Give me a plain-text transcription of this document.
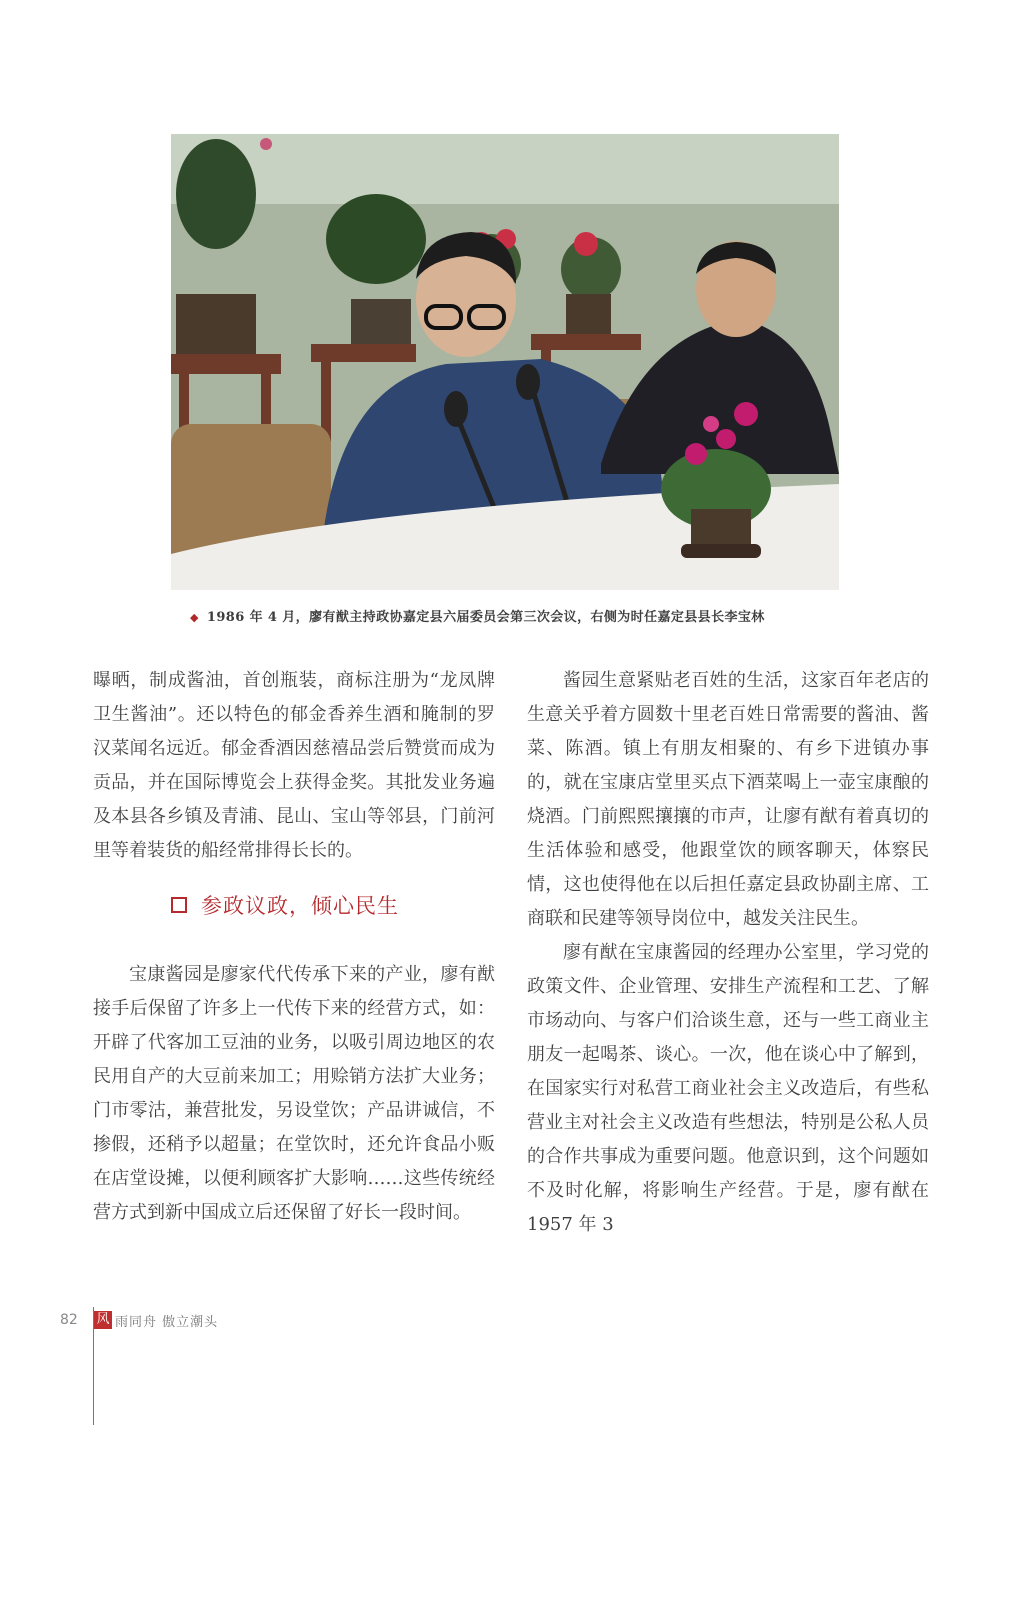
◆ 1986 年 4 月，廖有猷主持政协嘉定县六届委员会第三次会议，右侧为时任嘉定县县长李宝林

曝晒，制成酱油，首创瓶装，商标注册为“龙凤牌卫生酱油”。还以特色的郁金香养生酒和腌制的罗汉菜闻名远近。郁金香酒因慈禧品尝后赞赏而成为贡品，并在国际博览会上获得金奖。其批发业务遍及本县各乡镇及青浦、昆山、宝山等邻县，门前河里等着装货的船经常排得长长的。

参政议政，倾心民生

宝康酱园是廖家代代传承下来的产业，廖有猷接手后保留了许多上一代传下来的经营方式，如：开辟了代客加工豆油的业务，以吸引周边地区的农民用自产的大豆前来加工；用赊销方法扩大业务；门市零沽，兼营批发，另设堂饮；产品讲诚信，不掺假，还稍予以超量；在堂饮时，还允许食品小贩在店堂设摊，以便利顾客扩大影响……这些传统经营方式到新中国成立后还保留了好长一段时间。

酱园生意紧贴老百姓的生活，这家百年老店的生意关乎着方圆数十里老百姓日常需要的酱油、酱菜、陈酒。镇上有朋友相聚的、有乡下进镇办事的，就在宝康店堂里买点下酒菜喝上一壶宝康酿的烧酒。门前熙熙攘攘的市声，让廖有猷有着真切的生活体验和感受，他跟堂饮的顾客聊天，体察民情，这也使得他在以后担任嘉定县政协副主席、工商联和民建等领导岗位中，越发关注民生。

廖有猷在宝康酱园的经理办公室里，学习党的政策文件、企业管理、安排生产流程和工艺、了解市场动向、与客户们洽谈生意，还与一些工商业主朋友一起喝茶、谈心。一次，他在谈心中了解到，在国家实行对私营工商业社会主义改造后，有些私营业主对社会主义改造有些想法，特别是公私人员的合作共事成为重要问题。他意识到，这个问题如不及时化解，将影响生产经营。于是，廖有猷在 1957 年 3

82	风 雨同舟 傲立潮头
